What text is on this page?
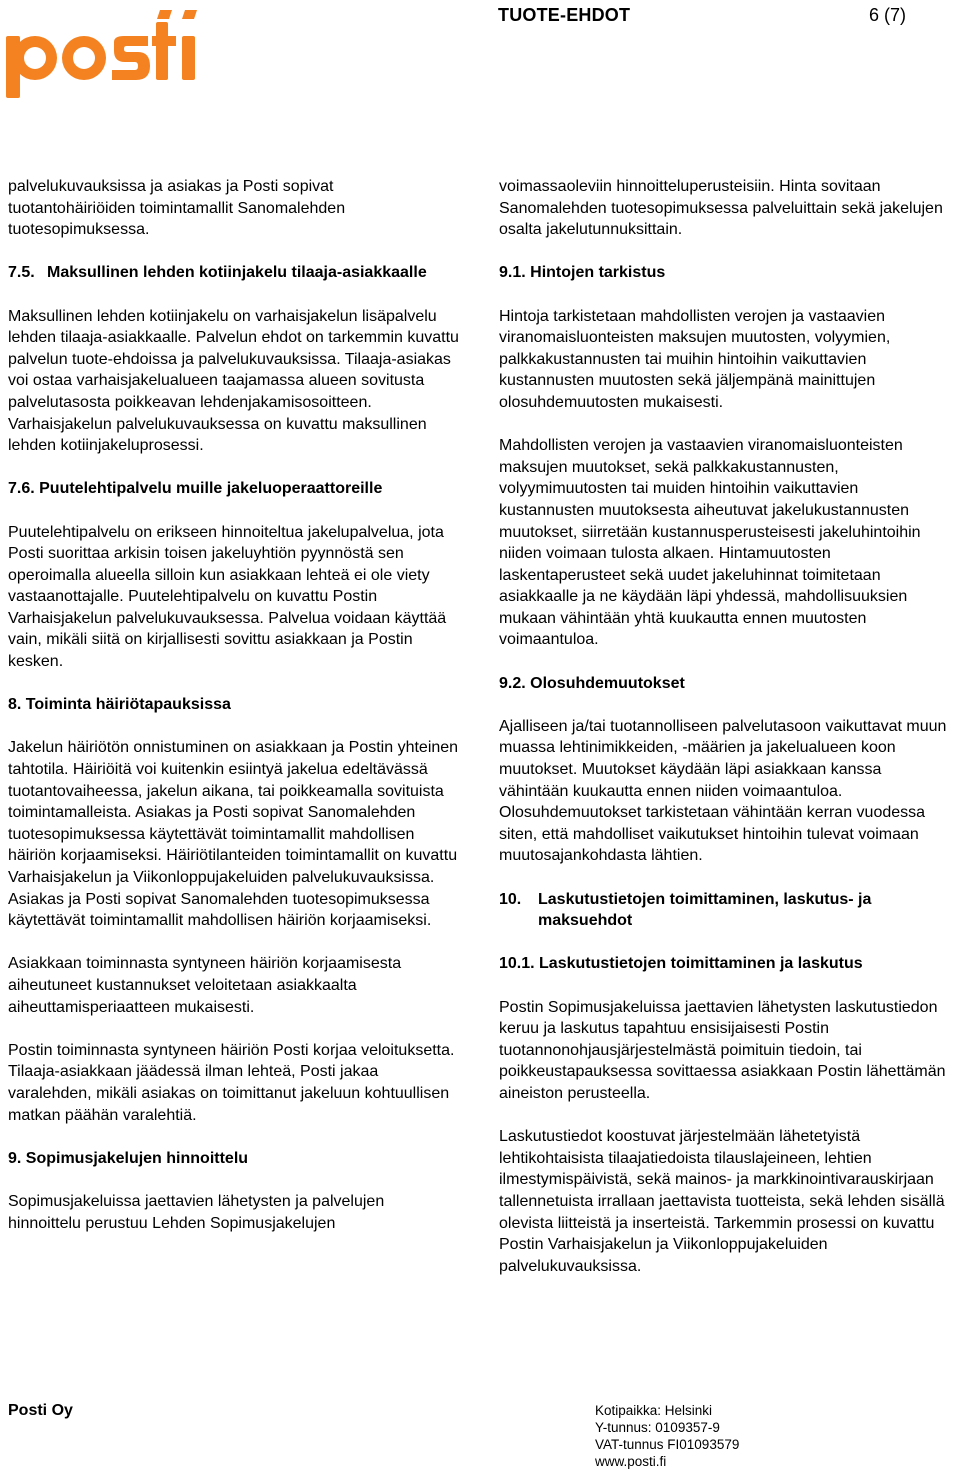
TUOTE-EHDOT	6 (7)

palvelukuvauksissa ja asiakas ja Posti sopivat tuotantohäiriöiden toimintamallit Sanomalehden tuotesopimuksessa.

7.5. Maksullinen lehden kotiinjakelu tilaaja-asiakkaalle

Maksullinen lehden kotiinjakelu on varhaisjakelun lisäpalvelu lehden tilaaja-asiakkaalle. Palvelun ehdot on tarkemmin kuvattu palvelun tuote-ehdoissa ja palvelukuvauksissa. Tilaaja-asiakas voi ostaa varhaisjakelualueen taajamassa alueen sovitusta palvelutasosta poikkeavan lehdenjakamisosoitteen. Varhaisjakelun palvelukuvauksessa on kuvattu maksullinen lehden kotiinjakeluprosessi.

7.6. Puutelehtipalvelu muille jakeluoperaattoreille

Puutelehtipalvelu on erikseen hinnoiteltua jakelupalvelua, jota Posti suorittaa arkisin toisen jakeluyhtiön pyynnöstä sen operoimalla alueella silloin kun asiakkaan lehteä ei ole viety vastaanottajalle. Puutelehtipalvelu on kuvattu Postin Varhaisjakelun palvelukuvauksessa. Palvelua voidaan käyttää vain, mikäli siitä on kirjallisesti sovittu asiakkaan ja Postin kesken.

8. Toiminta häiriötapauksissa

Jakelun häiriötön onnistuminen on asiakkaan ja Postin yhteinen tahtotila. Häiriöitä voi kuitenkin esiintyä jakelua edeltävässä tuotantovaiheessa, jakelun aikana, tai poikkeamalla sovituista toimintamalleista. Asiakas ja Posti sopivat Sanomalehden tuotesopimuksessa käytettävät toimintamallit mahdollisen häiriön korjaamiseksi. Häiriötilanteiden toimintamallit on kuvattu Varhaisjakelun ja Viikonloppujakeluiden palvelukuvauksissa. Asiakas ja Posti sopivat Sanomalehden tuotesopimuksessa käytettävät toimintamallit mahdollisen häiriön korjaamiseksi.

Asiakkaan toiminnasta syntyneen häiriön korjaamisesta aiheutuneet kustannukset veloitetaan asiakkaalta aiheuttamisperiaatteen mukaisesti.

Postin toiminnasta syntyneen häiriön Posti korjaa veloituksetta. Tilaaja-asiakkaan jäädessä ilman lehteä, Posti jakaa varalehden, mikäli asiakas on toimittanut jakeluun kohtuullisen matkan päähän varalehtiä.

9. Sopimusjakelujen hinnoittelu

Sopimusjakeluissa jaettavien lähetysten ja palvelujen hinnoittelu perustuu Lehden Sopimusjakelujen

voimassaoleviin hinnoitteluperusteisiin. Hinta sovitaan Sanomalehden tuotesopimuksessa palveluittain sekä jakelujen osalta jakelutunnuksittain.

9.1. Hintojen tarkistus

Hintoja tarkistetaan mahdollisten verojen ja vastaavien viranomaisluonteisten maksujen muutosten, volyymien, palkkakustannusten tai muihin hintoihin vaikuttavien kustannusten muutosten sekä jäljempänä mainittujen olosuhdemuutosten mukaisesti.

Mahdollisten verojen ja vastaavien viranomaisluonteisten maksujen muutokset, sekä palkkakustannusten, volyymimuutosten tai muiden hintoihin vaikuttavien kustannusten muutoksesta aiheutuvat jakelukustannusten muutokset, siirretään kustannusperusteisesti jakeluhintoihin niiden voimaan tulosta alkaen. Hintamuutosten laskentaperusteet sekä uudet jakeluhinnat toimitetaan asiakkaalle ja ne käydään läpi yhdessä, mahdollisuuksien mukaan vähintään yhtä kuukautta ennen muutosten voimaantuloa.

9.2. Olosuhdemuutokset

Ajalliseen ja/tai tuotannolliseen palvelutasoon vaikuttavat muun muassa lehtinimikkeiden, -määrien ja jakelualueen koon muutokset. Muutokset käydään läpi asiakkaan kanssa vähintään kuukautta ennen niiden voimaantuloa. Olosuhdemuutokset tarkistetaan vähintään kerran vuodessa siten, että mahdolliset vaikutukset hintoihin tulevat voimaan muutosajankohdasta lähtien.

10.	Laskutustietojen toimittaminen, laskutus- ja maksuehdot
10.1. Laskutustietojen toimittaminen ja laskutus

Postin Sopimusjakeluissa jaettavien lähetysten laskutustiedon keruu ja laskutus tapahtuu ensisijaisesti Postin tuotannonohjausjärjestelmästä poimituin tiedoin, tai poikkeustapauksessa sovittaessa asiakkaan Postin lähettämän aineiston perusteella.

Laskutustiedot koostuvat järjestelmään lähetetyistä lehtikohtaisista tilaajatiedoista tilauslajeineen, lehtien ilmestymispäivistä, sekä mainos- ja markkinointivarauskirjaan tallennetuista irrallaan jaettavista tuotteista, sekä lehden sisällä olevista liitteistä ja inserteistä. Tarkemmin prosessi on kuvattu Postin Varhaisjakelun ja Viikonloppujakeluiden palvelukuvauksissa.

Posti Oy	Kotipaikka: Helsinki
Y-tunnus: 0109357-9
VAT-tunnus FI01093579
www.posti.fi
